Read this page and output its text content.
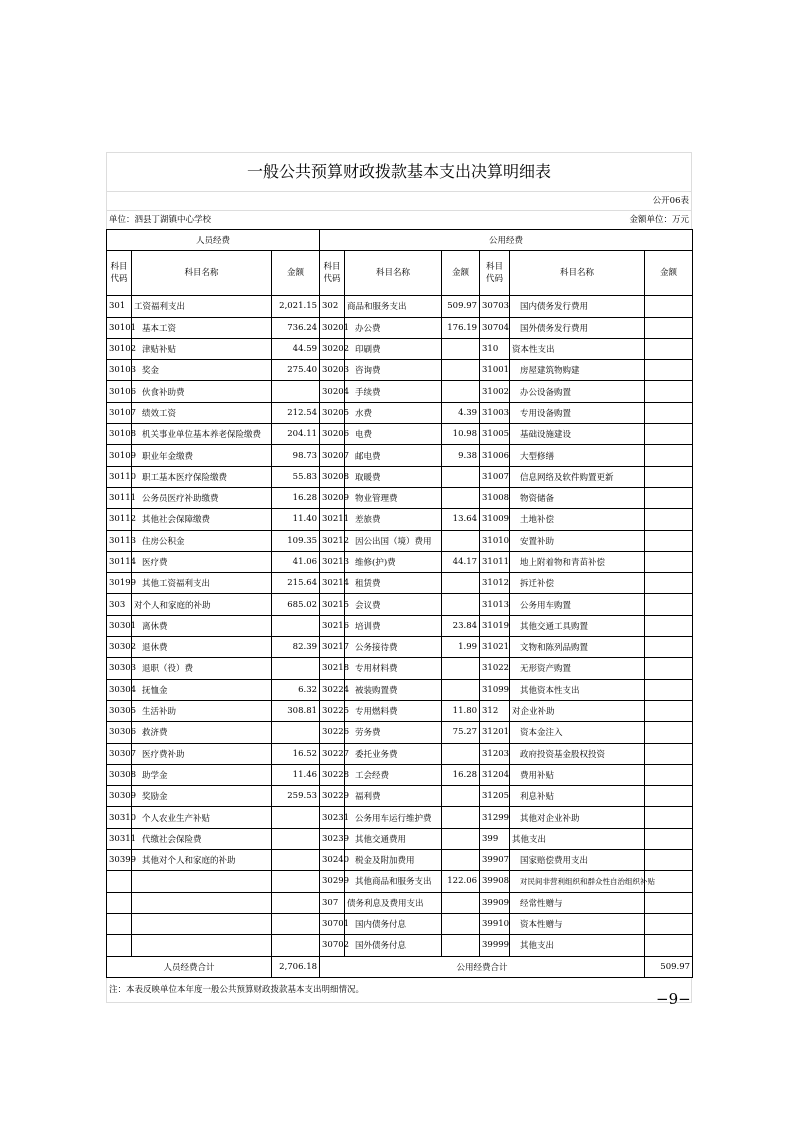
一般公共预算财政拨款基本支出决算明细表
公开06表
单位：泗县丁湖镇中心学校	金额单位：万元
人员经费			公用经费					
科目代码	科目名称	金额	科目代码	科目名称	金额	科目代码	科目名称	金额
301	工资福利支出	2,021.15	302	商品和服务支出	509.97	30703	国内债务发行费用	
30101	基本工资	736.24	30201	办公费	176.19	30704	国外债务发行费用	
30102	津贴补贴	44.59	30202	印刷费		310	资本性支出	
30103	奖金	275.40	30203	咨询费		31001	房屋建筑物购建	
30106	伙食补助费		30204	手续费		31002	办公设备购置	
30107	绩效工资	212.54	30205	水费	4.39	31003	专用设备购置	
30108	机关事业单位基本养老保险缴费	204.11	30206	电费	10.98	31005	基础设施建设	
30109	职业年金缴费	98.73	30207	邮电费	9.38	31006	大型修缮	
30110	职工基本医疗保险缴费	55.83	30208	取暖费		31007	信息网络及软件购置更新	
30111	公务员医疗补助缴费	16.28	30209	物业管理费		31008	物资储备	
30112	其他社会保障缴费	11.40	30211	差旅费	13.64	31009	土地补偿	
30113	住房公积金	109.35	30212	因公出国（境）费用		31010	安置补助	
30114	医疗费	41.06	30213	维修(护)费	44.17	31011	地上附着物和青苗补偿	
30199	其他工资福利支出	215.64	30214	租赁费		31012	拆迁补偿	
303	对个人和家庭的补助	685.02	30215	会议费		31013	公务用车购置	
30301	离休费		30216	培训费	23.84	31019	其他交通工具购置	
30302	退休费	82.39	30217	公务接待费	1.99	31021	文物和陈列品购置	
30303	退职（役）费		30218	专用材料费		31022	无形资产购置	
30304	抚恤金	6.32	30224	被装购置费		31099	其他资本性支出	
30305	生活补助	308.81	30225	专用燃料费	11.80	312	对企业补助	
30306	救济费		30226	劳务费	75.27	31201	资本金注入	
30307	医疗费补助	16.52	30227	委托业务费		31203	政府投资基金股权投资	
30308	助学金	11.46	30228	工会经费	16.28	31204	费用补贴	
30309	奖励金	259.53	30229	福利费		31205	利息补贴	
30310	个人农业生产补贴		30231	公务用车运行维护费		31299	其他对企业补助	
30311	代缴社会保险费		30239	其他交通费用		399	其他支出	
30399	其他对个人和家庭的补助		30240	税金及附加费用		39907	国家赔偿费用支出	
			30299	其他商品和服务支出	122.06	39908	对民间非营利组织和群众性自治组织补贴	
			307	债务利息及费用支出		39909	经常性赠与	
			30701	国内债务付息		39910	资本性赠与	
			30702	国外债务付息		39999	其他支出	
人员经费合计		2,706.18	公用经费合计					509.97
注：本表反映单位本年度一般公共预算财政拨款基本支出明细情况。
−9−
